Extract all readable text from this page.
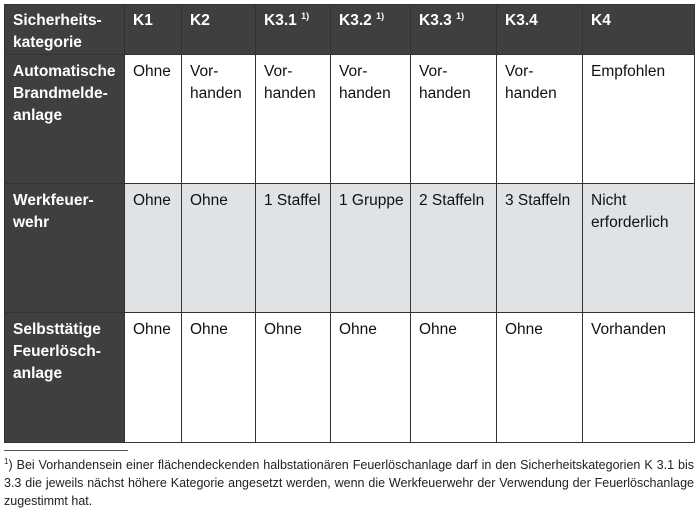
Sicherheits-
kategorie	K1	K2	K3.1 $^{1)}$	K3.2 $^{1)}$	K3.3 $^{1)}$	K3.4	K4
Automatische
Brandmelde-
anlage	Ohne	Vor-
handen	Vor-
handen	Vor-
handen	Vor-
handen	Vor-
handen	Empfohlen
Werkfeuer-
wehr	Ohne	Ohne	1 Staffel	1 Gruppe	2 Staffeln	3 Staffeln	Nicht
erforderlich
Selbsttätige
Feuerlösch-
anlage	Ohne	Ohne	Ohne	Ohne	Ohne	Ohne	Vorhanden
$^1$) Bei Vorhandensein einer flächendeckenden halbstationären Feuerlöschanlage darf in den Sicherheitskategorien K 3.1 bis 3.3 die jeweils nächst höhere Kategorie angesetzt werden, wenn die Werkfeuerwehr der Verwendung der Feuerlöschanlage zugestimmt hat.
